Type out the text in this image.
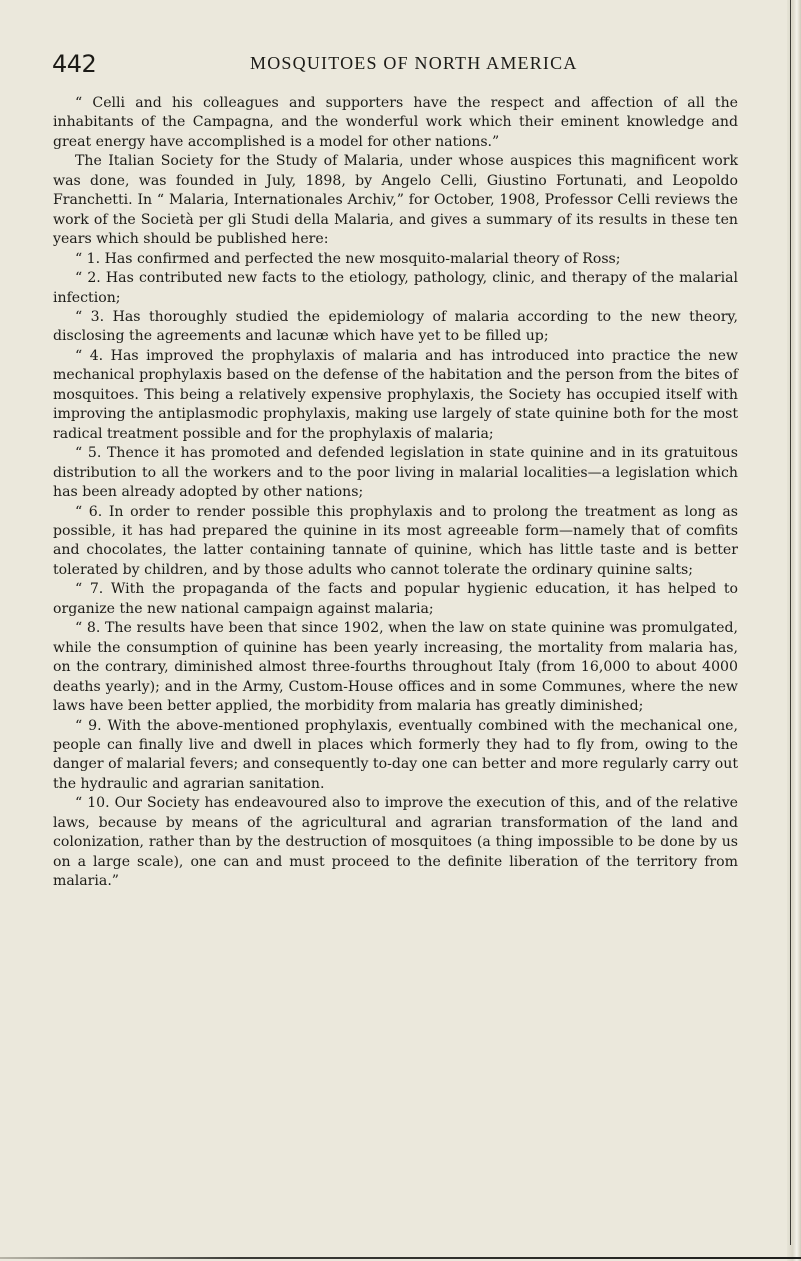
442	MOSQUITOES OF NORTH AMERICA

“ Celli and his colleagues and supporters have the respect and affection of all the inhabitants of the Campagna, and the wonderful work which their eminent knowledge and great energy have accomplished is a model for other nations.”

The Italian Society for the Study of Malaria, under whose auspices this magnificent work was done, was founded in July, 1898, by Angelo Celli, Giustino Fortunati, and Leopoldo Franchetti. In “ Malaria, Internationales Archiv,” for October, 1908, Professor Celli reviews the work of the Società per gli Studi della Malaria, and gives a summary of its results in these ten years which should be published here:

“ 1. Has confirmed and perfected the new mosquito-malarial theory of Ross;

“ 2. Has contributed new facts to the etiology, pathology, clinic, and therapy of the malarial infection;

“ 3. Has thoroughly studied the epidemiology of malaria according to the new theory, disclosing the agreements and lacunæ which have yet to be filled up;

“ 4. Has improved the prophylaxis of malaria and has introduced into practice the new mechanical prophylaxis based on the defense of the habitation and the person from the bites of mosquitoes. This being a relatively expensive prophylaxis, the Society has occupied itself with improving the antiplasmodic prophylaxis, making use largely of state quinine both for the most radical treatment possible and for the prophylaxis of malaria;

“ 5. Thence it has promoted and defended legislation in state quinine and in its gratuitous distribution to all the workers and to the poor living in malarial localities—a legislation which has been already adopted by other nations;

“ 6. In order to render possible this prophylaxis and to prolong the treatment as long as possible, it has had prepared the quinine in its most agreeable form—namely that of comfits and chocolates, the latter containing tannate of quinine, which has little taste and is better tolerated by children, and by those adults who cannot tolerate the ordinary quinine salts;

“ 7. With the propaganda of the facts and popular hygienic education, it has helped to organize the new national campaign against malaria;

“ 8. The results have been that since 1902, when the law on state quinine was promulgated, while the consumption of quinine has been yearly increasing, the mortality from malaria has, on the contrary, diminished almost three-fourths throughout Italy (from 16,000 to about 4000 deaths yearly); and in the Army, Custom-House offices and in some Communes, where the new laws have been better applied, the morbidity from malaria has greatly diminished;

“ 9. With the above-mentioned prophylaxis, eventually combined with the mechanical one, people can finally live and dwell in places which formerly they had to fly from, owing to the danger of malarial fevers; and consequently to-day one can better and more regularly carry out the hydraulic and agrarian sanitation.

“ 10. Our Society has endeavoured also to improve the execution of this, and of the relative laws, because by means of the agricultural and agrarian transformation of the land and colonization, rather than by the destruction of mosquitoes (a thing impossible to be done by us on a large scale), one can and must proceed to the definite liberation of the territory from malaria.”
